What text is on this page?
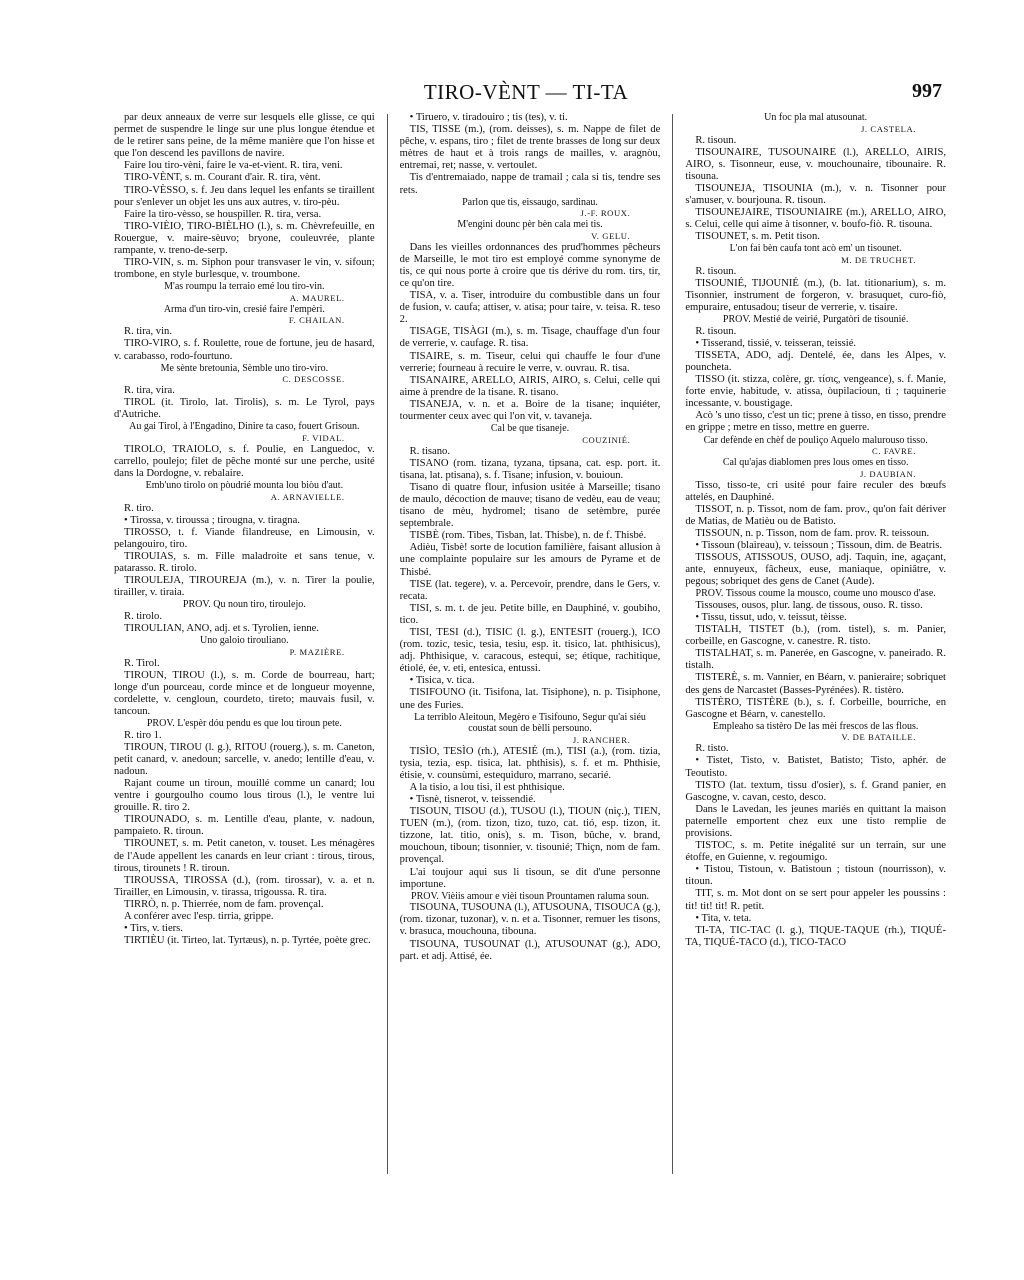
TIRO-VÈNT — TI-TA	997

par deux anneaux de verre sur lesquels elle glisse, ce qui permet de suspendre le linge sur une plus longue étendue et de le retirer sans peine, de la même manière que l'on hisse et que l'on descend les pavillons de navire.

Faire lou tiro-vèni, faire le va-et-vient. R. tira, veni.

TIRO-VÈNT, s. m. Courant d'air. R. tira, vènt.

TIRO-VÈSSO, s. f. Jeu dans lequel les enfants se tiraillent pour s'enlever un objet les uns aux autres, v. tiro-pèu.

Faire la tiro-vèsso, se houspiller. R. tira, versa.

TIRO-VIÈIO, TIRO-BIÈLHO (l.), s. m. Chèvrefeuille, en Rouergue, v. maire-sèuvo; bryone, couleuvrée, plante rampante, v. treno-de-serp.

TIRO-VIN, s. m. Siphon pour transvaser le vin, v. sifoun; trombone, en style burlesque, v. troumbone.

M'as roumpu la terraio emé lou tiro-vin.

A. MAUREL.

Arma d'un tiro-vin, cresié faire l'empèri.

F. CHAILAN.

R. tira, vin.

TIRO-VIRO, s. f. Roulette, roue de fortune, jeu de hasard, v. carabasso, rodo-fourtuno.

Me sènte bretounia, Sèmble uno tiro-viro.

C. DESCOSSE.

R. tira, vira.

TIROL (it. Tirolo, lat. Tirolis), s. m. Le Tyrol, pays d'Autriche.

Au gai Tirol, à l'Engadino, Dinire ta caso, fouert Grisoun.

F. VIDAL.

TIROLO, TRAIOLO, s. f. Poulie, en Languedoc, v. carrello, poulejo; filet de pêche monté sur une perche, usité dans la Dordogne, v. rebalaire.

Emb'uno tirolo on pòudrié mounta lou biòu d'aut.

A. ARNAVIELLE.

R. tiro.

• Tirossa, v. tiroussa ; tirougna, v. tiragna.

TIROSSO, t. f. Viande filandreuse, en Limousin, v. pelangouiro, tiro.

TIROUIAS, s. m. Fille maladroite et sans tenue, v. patarasso. R. tirolo.

TIROULEJA, TIROUREJA (m.), v. n. Tirer la poulie, tirailler, v. tiraia.

PROV. Qu noun tiro, tiroulejo.

R. tirolo.

TIROULIAN, ANO, adj. et s. Tyrolien, ienne.

Uno galoio tirouliano.

P. MAZIÈRE.

R. Tirol.

TIROUN, TIROU (l.), s. m. Corde de bourreau, hart; longe d'un pourceau, corde mince et de longueur moyenne, cordelette, v. cengloun, courdeto, tireto; mauvais fusil, v. tancoun.

PROV. L'espèr dóu pendu es que lou tiroun pete.

R. tiro 1.

TIROUN, TIROU (l. g.), RITOU (rouerg.), s. m. Caneton, petit canard, v. anedoun; sarcelle, v. anedo; lentille d'eau, v. nadoun.

Rajant coume un tiroun, mouillé comme un canard; lou ventre i gourgoulho coumo lous tirous (l.), le ventre lui grouille. R. tiro 2.

TIROUNADO, s. m. Lentille d'eau, plante, v. nadoun, pampaieto. R. tiroun.

TIROUNET, s. m. Petit caneton, v. touset. Les ménagères de l'Aude appellent les canards en leur criant : tirous, tirous, tirous, tirounets ! R. tiroun.

TIROUSSA, TIROSSA (d.), (rom. tirossar), v. a. et n. Tirailler, en Limousin, v. tirassa, trigoussa. R. tira.

TIRRÒ, n. p. Thierrée, nom de fam. provençal.

A conférer avec l'esp. tirria, grippe.

• Tirs, v. tiers.

TIRTIÈU (it. Tirteo, lat. Tyrtæus), n. p. Tyrtée, poète grec.

• Tiruero, v. tiradouiro ; tis (tes), v. ti.

TIS, TISSE (m.), (rom. deisses), s. m. Nappe de filet de pêche, v. espans, tiro ; filet de trente brasses de long sur deux mètres de haut et à trois rangs de mailles, v. aragnòu, entremai, ret; nasse, v. vertoulet.

Tis d'entremaiado, nappe de tramail ; cala si tis, tendre ses rets.

Parlon que tis, eissaugo, sardinau.

J.-F. ROUX.

M'engini dounc pèr bèn cala mei tis.

V. GELU.

Dans les vieilles ordonnances des prud'hommes pêcheurs de Marseille, le mot tiro est employé comme synonyme de tis, ce qui nous porte à croire que tis dérive du rom. tirs, tir, ce qu'on tire.

TISA, v. a. Tiser, introduire du combustible dans un four de fusion, v. caufa; attiser, v. atisa; pour taire, v. teisa. R. teso 2.

TISAGE, TISÀGI (m.), s. m. Tisage, chauffage d'un four de verrerie, v. caufage. R. tisa.

TISAIRE, s. m. Tiseur, celui qui chauffe le four d'une verrerie; fourneau à recuire le verre, v. ouvrau. R. tisa.

TISANAIRE, ARELLO, AIRIS, AIRO, s. Celui, celle qui aime à prendre de la tisane. R. tisano.

TISANEJA, v. n. et a. Boire de la tisane; inquiéter, tourmenter ceux avec qui l'on vit, v. tavaneja.

Cal be que tisaneje.

COUZINIÉ.

R. tisano.

TISANO (rom. tizana, tyzana, tipsana, cat. esp. port. it. tisana, lat. ptisana), s. f. Tisane; infusion, v. bouioun.

Tisano di quatre flour, infusion usitée à Marseille; tisano de maulo, décoction de mauve; tisano de vedèu, eau de veau; tisano de mèu, hydromel; tisano de setèmbre, purée septembrale.

TISBÈ (rom. Tibes, Tisban, lat. Thisbe), n. de f. Thisbé.

Adièu, Tisbè! sorte de locution familière, faisant allusion à une complainte populaire sur les amours de Pyrame et de Thisbé.

TISE (lat. tegere), v. a. Percevoir, prendre, dans le Gers, v. recata.

TISI, s. m. t. de jeu. Petite bille, en Dauphiné, v. goubiho, tico.

TISI, TESI (d.), TISIC (l. g.), ENTESIT (rouerg.), ICO (rom. tozic, tesic, tesia, tesiu, esp. it. tisico, lat. phthisicus), adj. Phthisique, v. caracous, estequi, se; étique, rachitique, étiolé, ée, v. eti, entesica, entussi.

• Tisica, v. tica.

TISIFOUNO (it. Tisifona, lat. Tisiphone), n. p. Tisiphone, une des Furies.

La terriblo Aleitoun, Megèro e Tisifouno, Segur qu'ai siéu coustat soun de bèlli persouno.

J. RANCHER.

TISÌO, TESÌO (rh.), ATESIÉ (m.), TISI (a.), (rom. tizia, tysia, tezia, esp. tisica, lat. phthisis), s. f. et m. Phthisie, étisie, v. counsùmi, estequiduro, marrano, secarié.

A la tisio, a lou tisi, il est phthisique.

• Tisnè, tisnerot, v. teissendié.

TISOUN, TISOU (d.), TUSOU (l.), TIOUN (niç.), TIEN, TUEN (m.), (rom. tizon, tizo, tuzo, cat. tió, esp. tizon, it. tizzone, lat. titio, onis), s. m. Tison, bûche, v. brand, mouchoun, tiboun; tisonnier, v. tisounié; Thiçn, nom de fam. provençal.

L'ai toujour aqui sus li tisoun, se dit d'une personne importune.

PROV. Vièiis amour e vièi tisoun Prountamen raluma soun.

TISOUNA, TUSOUNA (l.), ATUSOUNA, TISOUCA (g.), (rom. tizonar, tuzonar), v. n. et a. Tisonner, remuer les tisons, v. brasuca, mouchouna, tibouna.

TISOUNA, TUSOUNAT (l.), ATUSOUNAT (g.), ADO, part. et adj. Attisé, ée.

Un foc pla mal atusounat.

J. CASTELA.

R. tisoun.

TISOUNAIRE, TUSOUNAIRE (l.), ARELLO, AIRIS, AIRO, s. Tisonneur, euse, v. mouchounaire, tibounaire. R. tisouna.

TISOUNEJA, TISOUNIA (m.), v. n. Tisonner pour s'amuser, v. bourjouna. R. tisoun.

TISOUNEJAIRE, TISOUNIAIRE (m.), ARELLO, AIRO, s. Celui, celle qui aime à tisonner, v. boufo-fiò. R. tisouna.

TISOUNET, s. m. Petit tison.

L'on fai bèn caufa tont acò em' un tisounet.

M. DE TRUCHET.

R. tisoun.

TISOUNIÉ, TIJOUNIÉ (m.), (b. lat. titionarium), s. m. Tisonnier, instrument de forgeron, v. brasuquet, curo-fiò, empuraire, entusadou; tiseur de verrerie, v. tisaire.

PROV. Mestié de veirié, Purgatòri de tisounié.

R. tisoun.

• Tisserand, tissié, v. teisseran, teissié.

TISSETA, ADO, adj. Dentelé, ée, dans les Alpes, v. pouncheta.

TISSO (it. stizza, colère, gr. τίσις, vengeance), s. f. Manie, forte envie, habitude, v. atissa, òupilacioun, tì ; taquinerie incessante, v. boustigage.

Acò 's uno tisso, c'est un tic; prene à tisso, en tisso, prendre en grippe ; metre en tisso, mettre en guerre.

Car defènde en chèf de pouliço Aquelo malurouso tisso.

C. FAVRE.

Cal qu'ajas diablomen pres lous omes en tisso.

J. DAUBIAN.

Tisso, tisso-te, cri usité pour faire reculer des bœufs attelés, en Dauphiné.

TISSOT, n. p. Tissot, nom de fam. prov., qu'on fait dériver de Matias, de Matièu ou de Batisto.

TISSOUN, n. p. Tisson, nom de fam. prov. R. teissoun.

• Tissoun (blaireau), v. teissoun ; Tissoun, dim. de Beatris.

TISSOUS, ATISSOUS, OUSO, adj. Taquin, ine, agaçant, ante, ennuyeux, fâcheux, euse, maniaque, opiniâtre, v. pegous; sobriquet des gens de Canet (Aude).

PROV. Tissous coume la mousco, coume uno mousco d'ase.

Tissouses, ousos, plur. lang. de tissous, ouso. R. tisso.

• Tissu, tissut, udo, v. teissut, tèisse.

TISTALH, TISTET (b.), (rom. tistel), s. m. Panier, corbeille, en Gascogne, v. canestre. R. tisto.

TISTALHAT, s. m. Panerée, en Gascogne, v. paneirado. R. tistalh.

TISTERÈ, s. m. Vannier, en Béarn, v. panieraire; sobriquet des gens de Narcastet (Basses-Pyrénées). R. tistèro.

TISTÈRO, TISTÈRE (b.), s. f. Corbeille, bourriche, en Gascogne et Béarn, v. canestello.

Empleaho sa tistèro De las mèi frescos de las flous.

V. DE BATAILLE.

R. tisto.

• Tistet, Tisto, v. Batistet, Batisto; Tisto, aphér. de Teoutisto.

TISTO (lat. textum, tissu d'osier), s. f. Grand panier, en Gascogne, v. cavan, cesto, desco.

Dans le Lavedan, les jeunes mariés en quittant la maison paternelle emportent chez eux une tisto remplie de provisions.

TISTOC, s. m. Petite inégalité sur un terrain, sur une étoffe, en Guienne, v. regoumigo.

• Tistou, Tistoun, v. Batistoun ; tistoun (nourrisson), v. titoun.

TIT, s. m. Mot dont on se sert pour appeler les poussins : tit! tit! tit! R. petit.

• Tita, v. teta.

TI-TA, TIC-TAC (l. g.), TIQUE-TAQUE (rh.), TIQUÉ-TA, TIQUÉ-TACO (d.), TICO-TACO
